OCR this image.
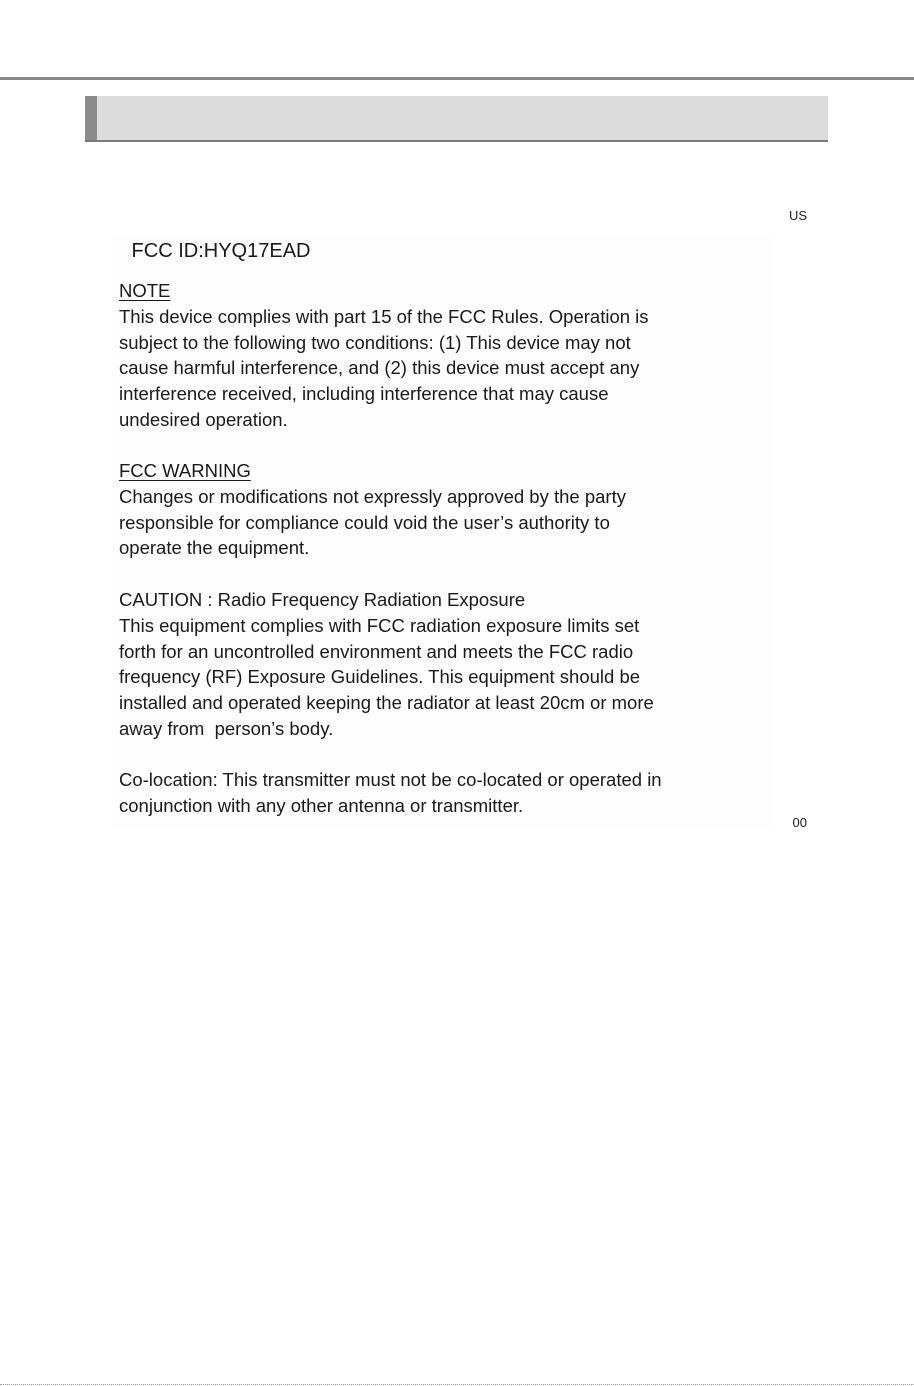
US
FCC ID:HYQ17EAD
NOTE
This device complies with part 15 of the FCC Rules. Operation is
subject to the following two conditions: (1) This device may not
cause harmful interference, and (2) this device must accept any
interference received, including interference that may cause
undesired operation.
FCC WARNING
Changes or modifications not expressly approved by the party
responsible for compliance could void the user’s authority to
operate the equipment.
CAUTION : Radio Frequency Radiation Exposure
This equipment complies with FCC radiation exposure limits set
forth for an uncontrolled environment and meets the FCC radio
frequency (RF) Exposure Guidelines. This equipment should be
installed and operated keeping the radiator at least 20cm or more
away from  person’s body.
Co-location: This transmitter must not be co-located or operated in
conjunction with any other antenna or transmitter.
00
